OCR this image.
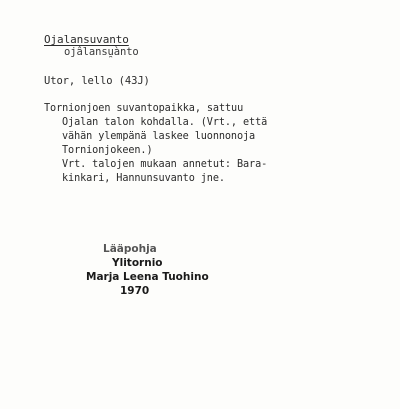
Ojalansuvanto
ojâlansu̯ànto
Utor, lello (43J)
Tornionjoen suvantopaikka, sattuu
Ojalan talon kohdalla. (Vrt., että
vähän ylempänä laskee luonnonoja
Tornionjokeen.)
Vrt. talojen mukaan annetut: Bara-
kinkari, Hannunsuvanto jne.
Lääpohja
Ylitornio
Marja Leena Tuohino
1970
